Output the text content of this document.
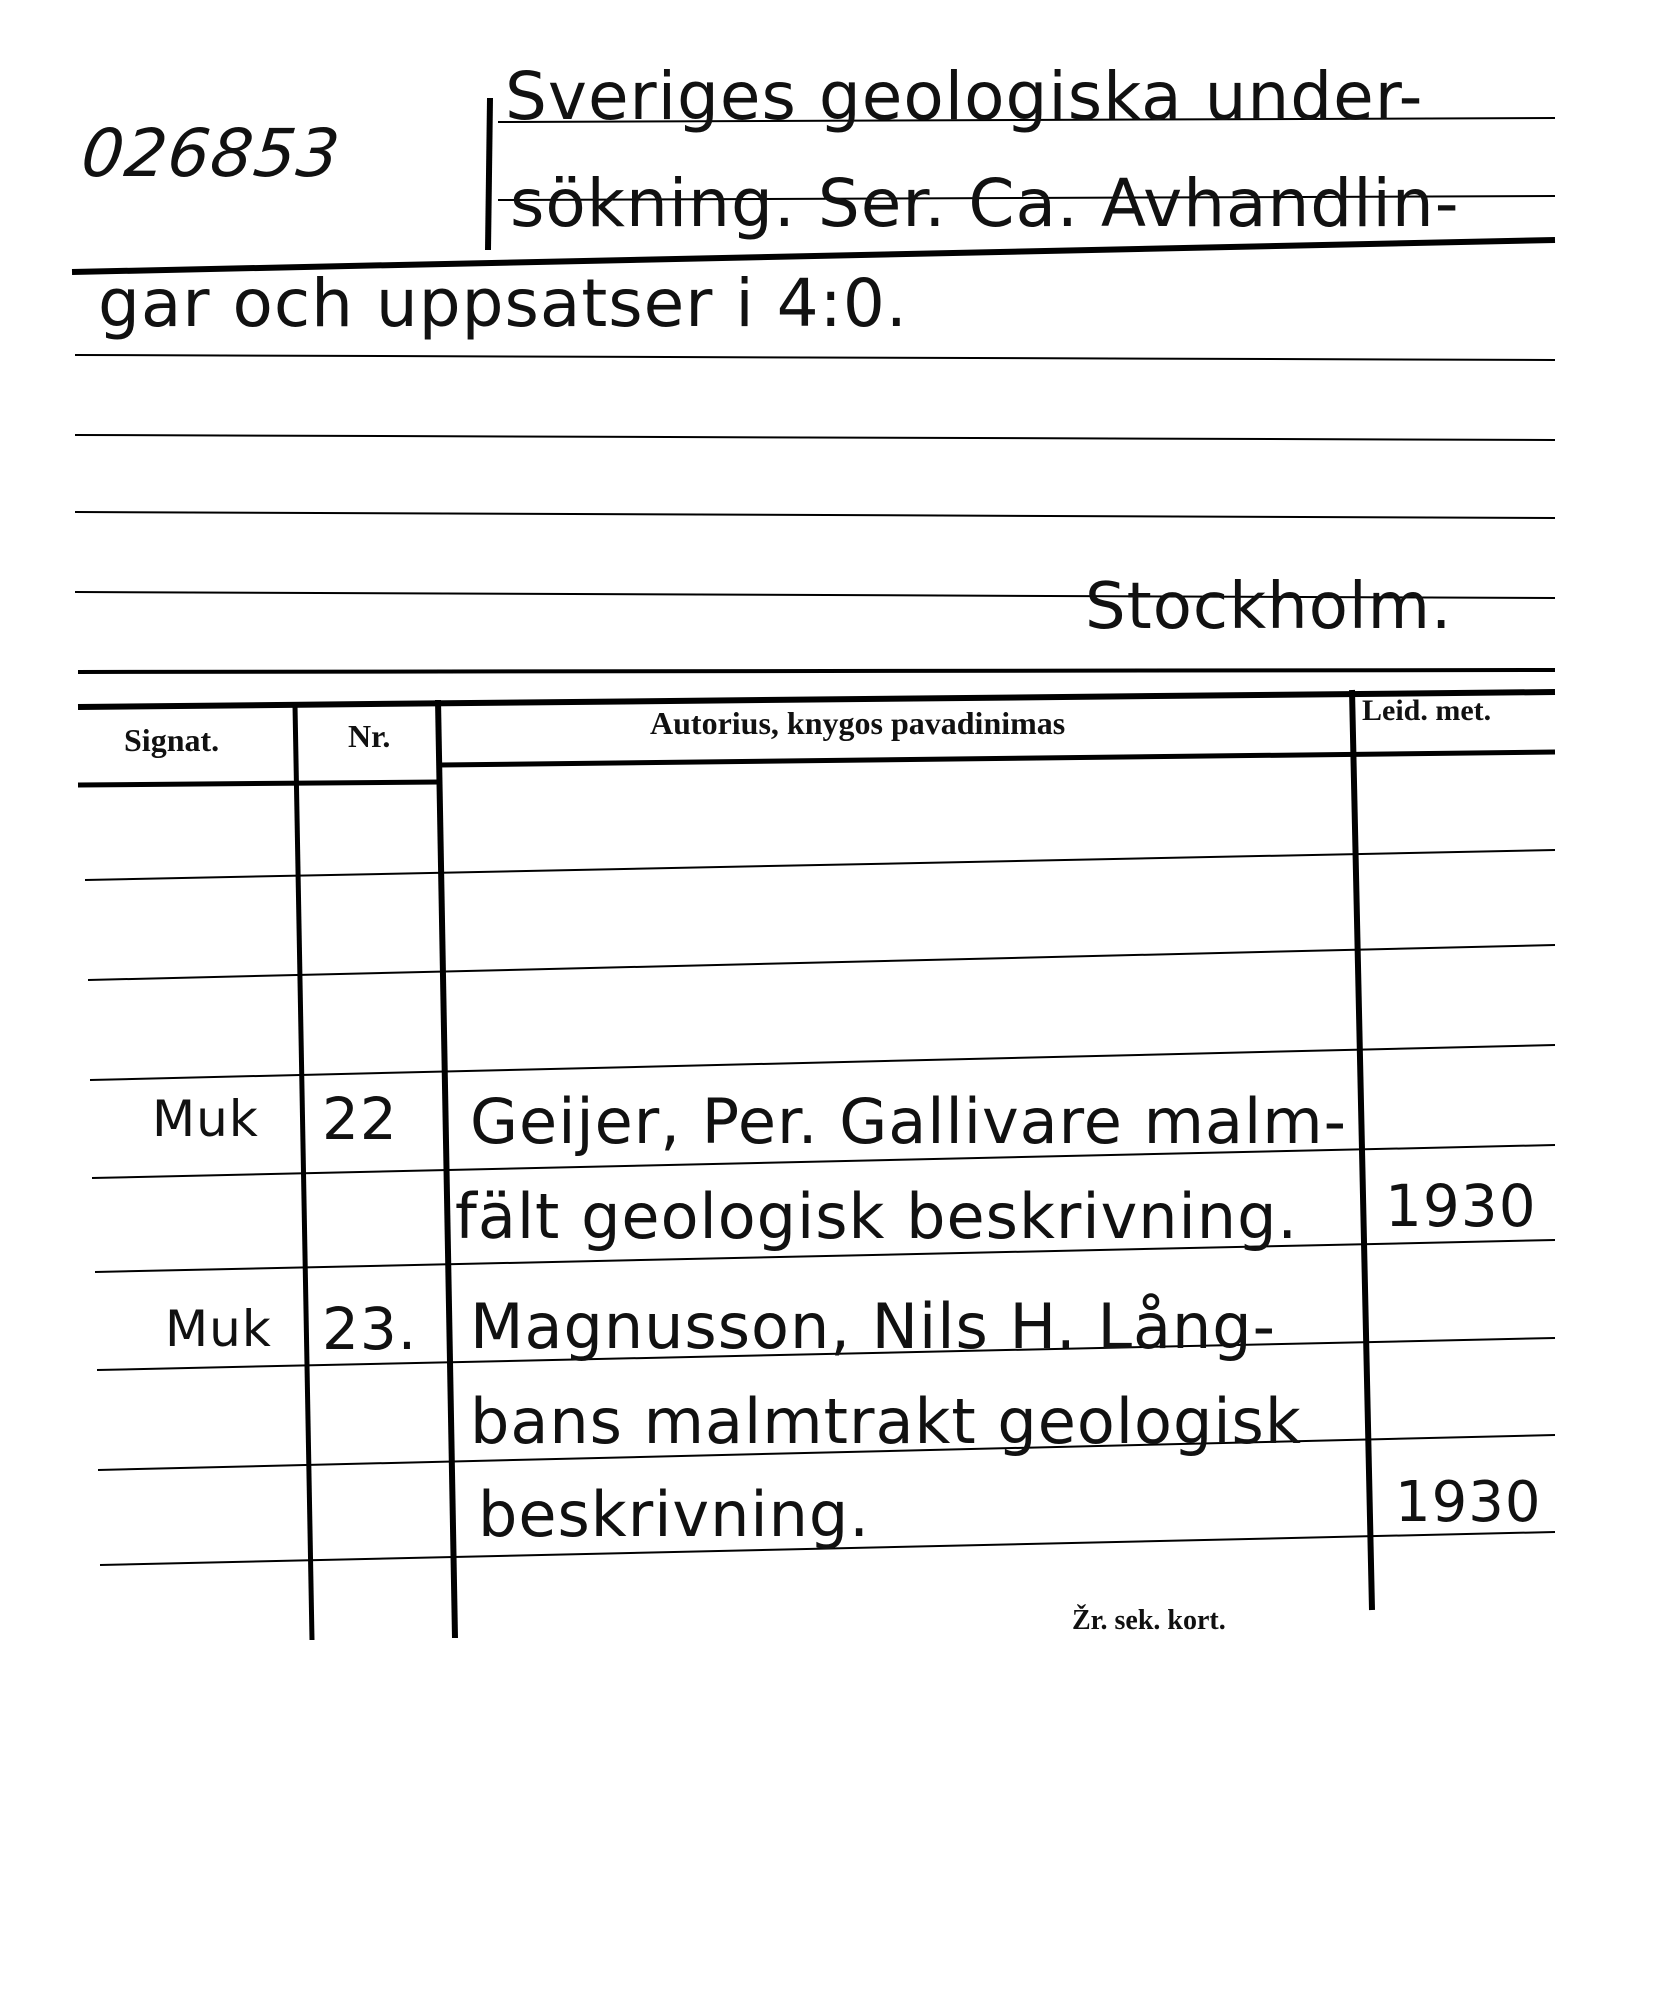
026853
Sveriges geologiska under-
sökning. Ser. Ca. Avhandlin-
gar och uppsatser i 4:0.
Stockholm.
Signat.	Nr.	Autorius, knygos pavadinimas	Leid. met.
Muk 22 Geijer, Per. Gallivare malm-
fält geologisk beskrivning. 1930
Muk 23. Magnusson, Nils H. Lång-
bans malmtrakt geologisk
beskrivning.	1930
Žr. sek. kort.
